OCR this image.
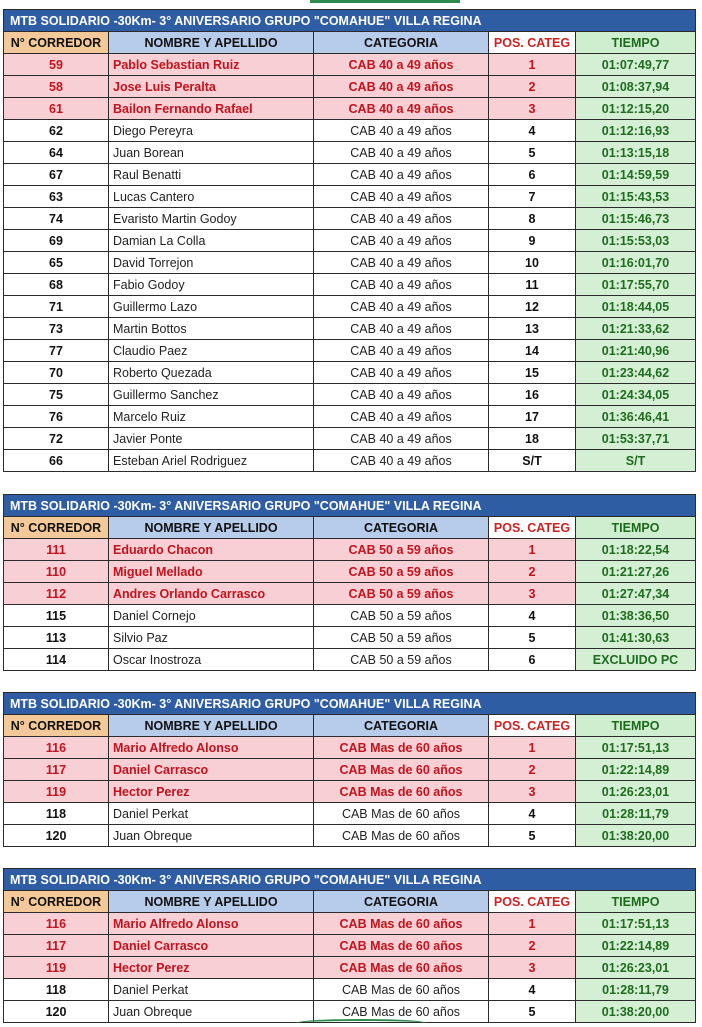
MTB SOLIDARIO -30Km- 3° ANIVERSARIO GRUPO "COMAHUE" VILLA REGINA				
N° CORREDOR	NOMBRE Y APELLIDO	CATEGORIA	POS. CATEG	TIEMPO
59	Pablo Sebastian Ruiz	CAB 40 a 49 años	1	01:07:49,77
58	Jose Luis Peralta	CAB 40 a 49 años	2	01:08:37,94
61	Bailon Fernando Rafael	CAB 40 a 49 años	3	01:12:15,20
62	Diego Pereyra	CAB 40 a 49 años	4	01:12:16,93
64	Juan Borean	CAB 40 a 49 años	5	01:13:15,18
67	Raul Benatti	CAB 40 a 49 años	6	01:14:59,59
63	Lucas Cantero	CAB 40 a 49 años	7	01:15:43,53
74	Evaristo Martin Godoy	CAB 40 a 49 años	8	01:15:46,73
69	Damian La Colla	CAB 40 a 49 años	9	01:15:53,03
65	David Torrejon	CAB 40 a 49 años	10	01:16:01,70
68	Fabio Godoy	CAB 40 a 49 años	11	01:17:55,70
71	Guillermo Lazo	CAB 40 a 49 años	12	01:18:44,05
73	Martin Bottos	CAB 40 a 49 años	13	01:21:33,62
77	Claudio Paez	CAB 40 a 49 años	14	01:21:40,96
70	Roberto Quezada	CAB 40 a 49 años	15	01:23:44,62
75	Guillermo Sanchez	CAB 40 a 49 años	16	01:24:34,05
76	Marcelo Ruiz	CAB 40 a 49 años	17	01:36:46,41
72	Javier Ponte	CAB 40 a 49 años	18	01:53:37,71
66	Esteban Ariel Rodriguez	CAB 40 a 49 años	S/T	S/T
MTB SOLIDARIO -30Km- 3° ANIVERSARIO GRUPO "COMAHUE" VILLA REGINA				
N° CORREDOR	NOMBRE Y APELLIDO	CATEGORIA	POS. CATEG	TIEMPO
111	Eduardo Chacon	CAB 50 a 59 años	1	01:18:22,54
110	Miguel Mellado	CAB 50 a 59 años	2	01:21:27,26
112	Andres Orlando Carrasco	CAB 50 a 59 años	3	01:27:47,34
115	Daniel Cornejo	CAB 50 a 59 años	4	01:38:36,50
113	Silvio Paz	CAB 50 a 59 años	5	01:41:30,63
114	Oscar Inostroza	CAB 50 a 59 años	6	EXCLUIDO PC
MTB SOLIDARIO -30Km- 3° ANIVERSARIO GRUPO "COMAHUE" VILLA REGINA				
N° CORREDOR	NOMBRE Y APELLIDO	CATEGORIA	POS. CATEG	TIEMPO
116	Mario Alfredo Alonso	CAB Mas de 60 años	1	01:17:51,13
117	Daniel Carrasco	CAB Mas de 60 años	2	01:22:14,89
119	Hector Perez	CAB Mas de 60 años	3	01:26:23,01
118	Daniel Perkat	CAB Mas de 60 años	4	01:28:11,79
120	Juan Obreque	CAB Mas de 60 años	5	01:38:20,00
MTB SOLIDARIO -30Km- 3° ANIVERSARIO GRUPO "COMAHUE" VILLA REGINA				
N° CORREDOR	NOMBRE Y APELLIDO	CATEGORIA	POS. CATEG	TIEMPO
116	Mario Alfredo Alonso	CAB Mas de 60 años	1	01:17:51,13
117	Daniel Carrasco	CAB Mas de 60 años	2	01:22:14,89
119	Hector Perez	CAB Mas de 60 años	3	01:26:23,01
118	Daniel Perkat	CAB Mas de 60 años	4	01:28:11,79
120	Juan Obreque	CAB Mas de 60 años	5	01:38:20,00
